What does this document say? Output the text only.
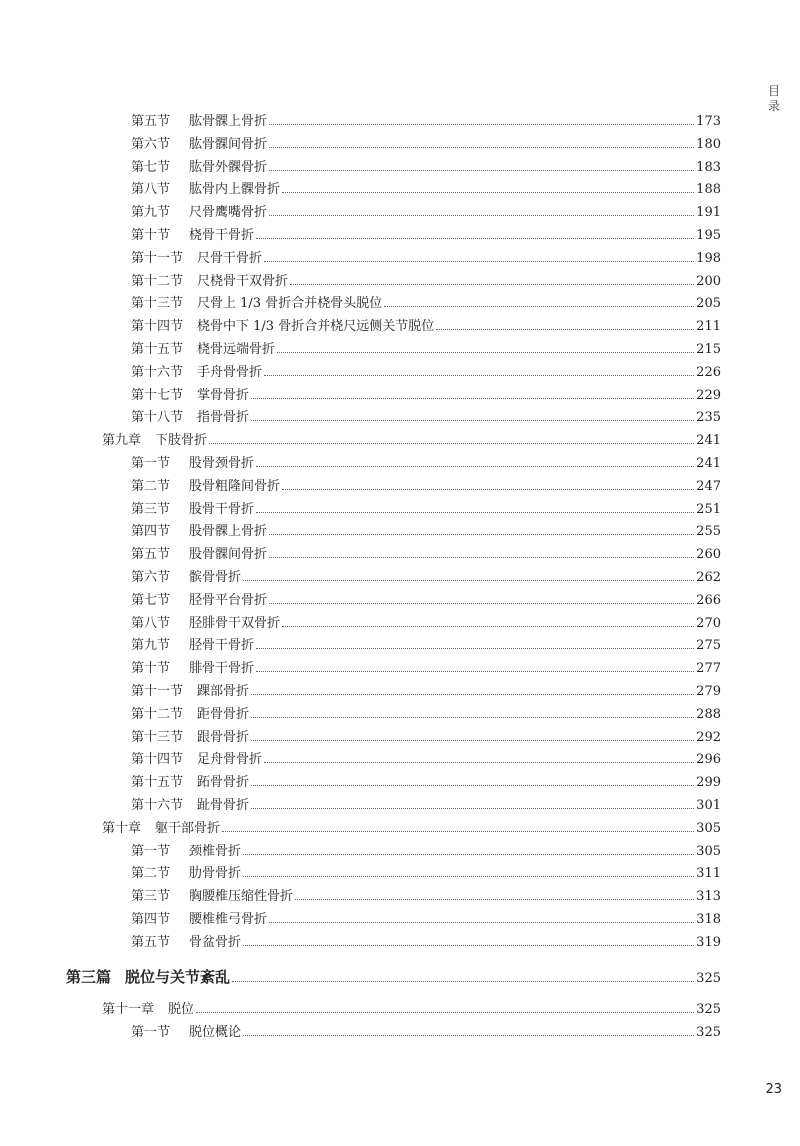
目
录
第五节	肱骨髁上骨折	173
第六节	肱骨髁间骨折	180
第七节	肱骨外髁骨折	183
第八节	肱骨内上髁骨折	188
第九节	尺骨鹰嘴骨折	191
第十节	桡骨干骨折	195
第十一节 尺骨干骨折	198
第十二节 尺桡骨干双骨折	200
第十三节 尺骨上 1/3 骨折合并桡骨头脱位	205
第十四节 桡骨中下 1/3 骨折合并桡尺远侧关节脱位	211
第十五节 桡骨远端骨折	215
第十六节 手舟骨骨折	226
第十七节 掌骨骨折	229
第十八节 指骨骨折	235
第九章 下肢骨折	241
第一节	股骨颈骨折	241
第二节	股骨粗隆间骨折	247
第三节	股骨干骨折	251
第四节	股骨髁上骨折	255
第五节	股骨髁间骨折	260
第六节	髌骨骨折	262
第七节	胫骨平台骨折	266
第八节	胫腓骨干双骨折	270
第九节	胫骨干骨折	275
第十节	腓骨干骨折	277
第十一节 踝部骨折	279
第十二节 距骨骨折	288
第十三节 跟骨骨折	292
第十四节 足舟骨骨折	296
第十五节 跖骨骨折	299
第十六节 趾骨骨折	301
第十章 躯干部骨折	305
第一节	颈椎骨折	305
第二节	肋骨骨折	311
第三节	胸腰椎压缩性骨折	313
第四节	腰椎椎弓骨折	318
第五节	骨盆骨折	319
第三篇 脱位与关节紊乱	325
第十一章 脱位	325
第一节	脱位概论	325
23
